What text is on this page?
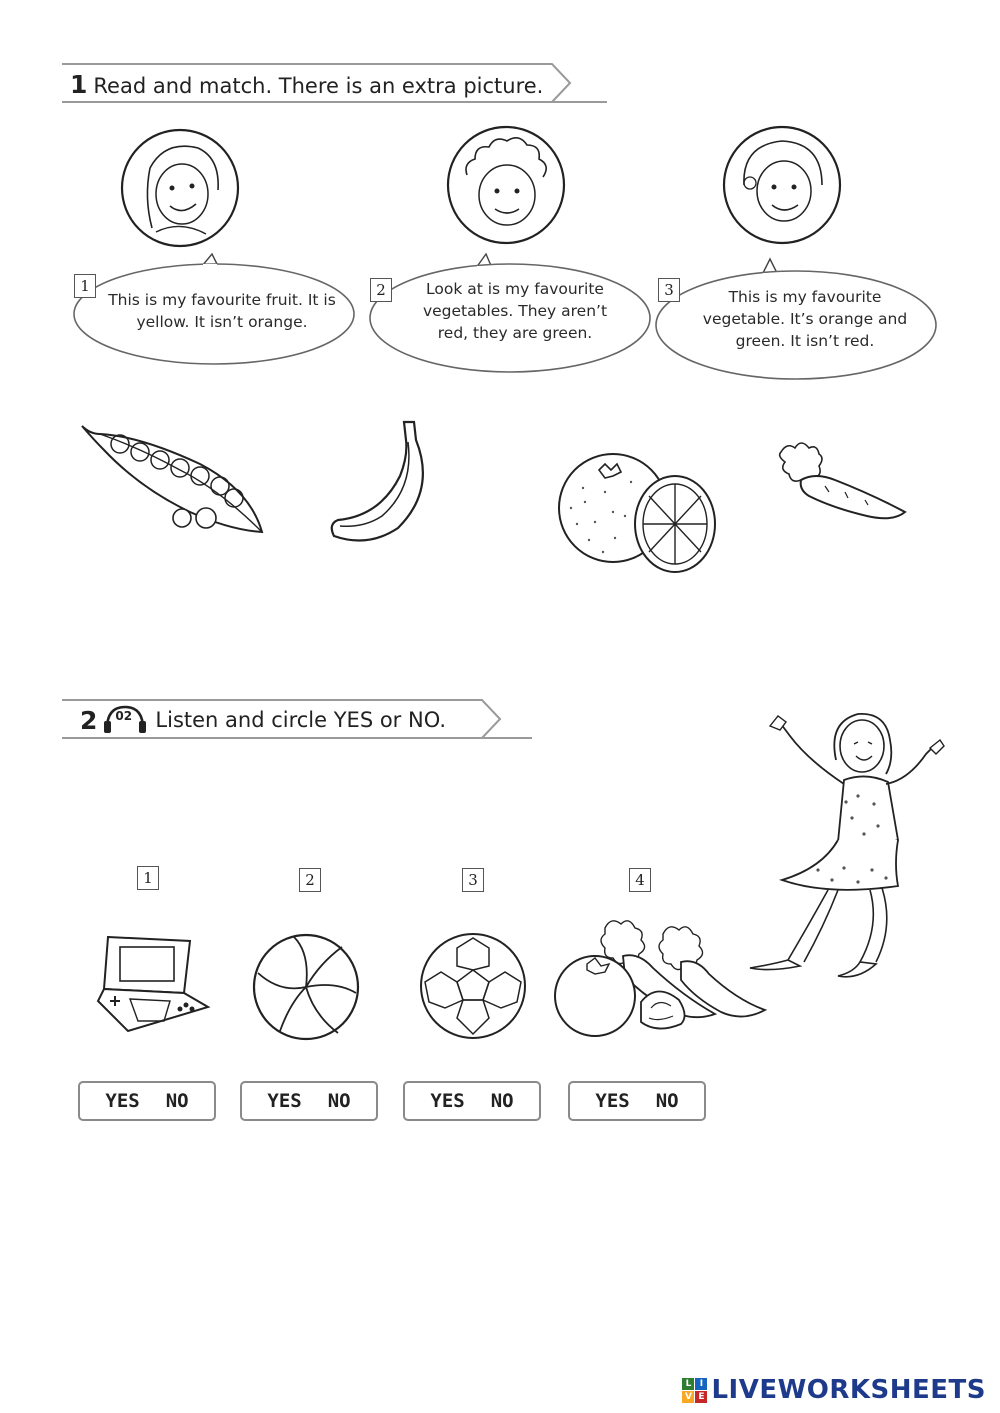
1 Read and match. There is an extra picture.
1	2	3
This is my favourite fruit. It is
yellow. It isn’t orange.
Look at is my favourite
vegetables. They aren’t
red, they are green.
This is my favourite
vegetable. It’s orange and
green. It isn’t red.
2 02 Listen and circle YES or NO.
1	2	3	4
YES NO	YES NO	YES NO	YES NO
L I
V E LIVEWORKSHEETS
